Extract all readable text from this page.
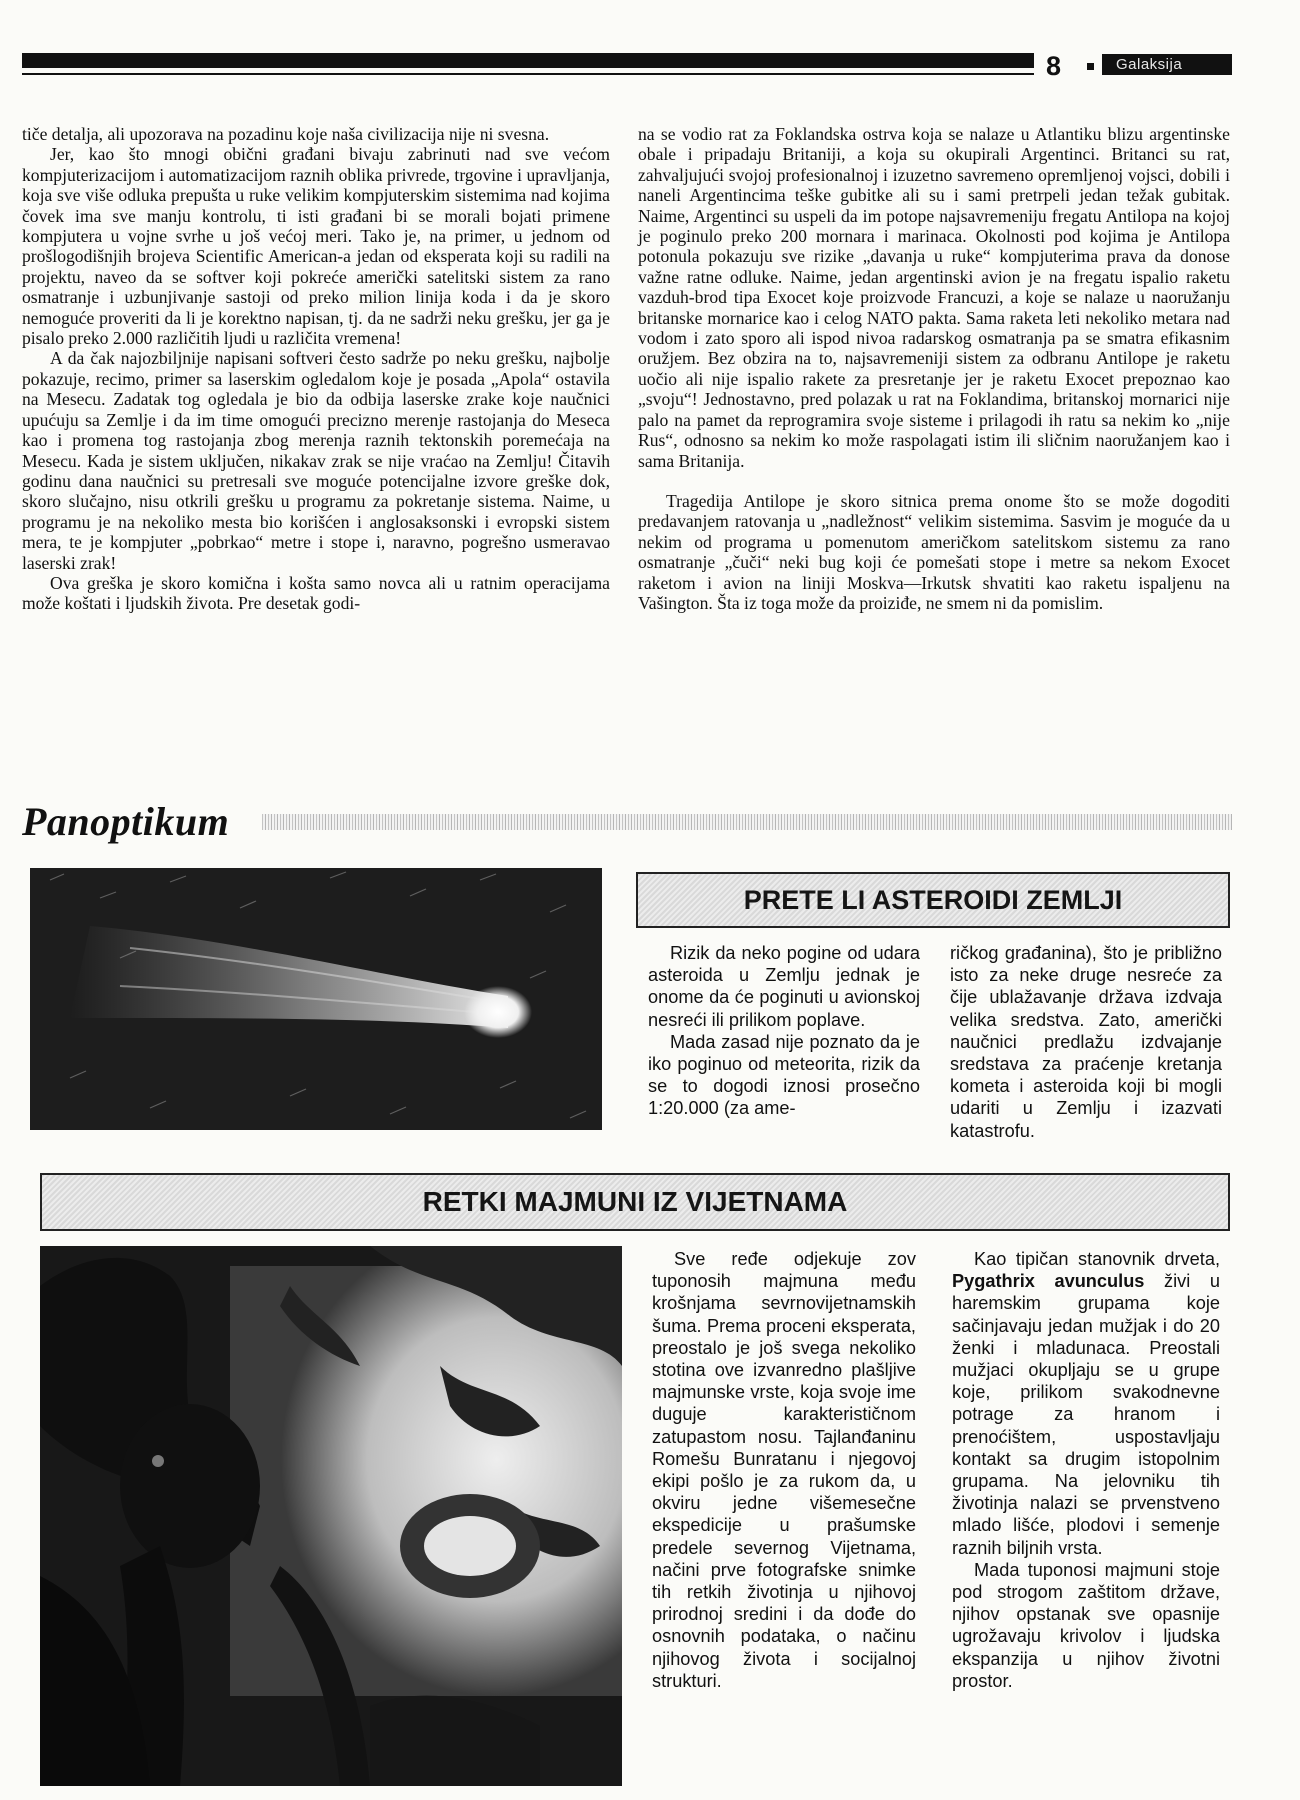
8	Galaksija

tiče detalja, ali upozorava na pozadinu koje naša civilizacija nije ni svesna.

Jer, kao što mnogi obični građani bivaju zabrinuti nad sve većom kompjuterizacijom i automatizacijom raznih oblika privrede, trgovine i upravljanja, koja sve više odluka prepušta u ruke velikim kompjuterskim sistemima nad kojima čovek ima sve manju kontrolu, ti isti građani bi se morali bojati primene kompjutera u vojne svrhe u još većoj meri. Tako je, na primer, u jednom od prošlogodišnjih brojeva Scientific American-a jedan od eksperata koji su radili na projektu, naveo da se softver koji pokreće američki satelitski sistem za rano osmatranje i uzbunjivanje sastoji od preko milion linija koda i da je skoro nemoguće proveriti da li je korektno napisan, tj. da ne sadrži neku grešku, jer ga je pisalo preko 2.000 različitih ljudi u različita vremena!

A da čak najozbiljnije napisani softveri često sadrže po neku grešku, najbolje pokazuje, recimo, primer sa laserskim ogledalom koje je posada „Apola“ ostavila na Mesecu. Zadatak tog ogledala je bio da odbija laserske zrake koje naučnici upućuju sa Zemlje i da im time omogući precizno merenje rastojanja do Meseca kao i promena tog rastojanja zbog merenja raznih tektonskih poremećaja na Mesecu. Kada je sistem uključen, nikakav zrak se nije vraćao na Zemlju! Čitavih godinu dana naučnici su pretresali sve moguće potencijalne izvore greške dok, skoro slučajno, nisu otkrili grešku u programu za pokretanje sistema. Naime, u programu je na nekoliko mesta bio korišćen i anglosaksonski i evropski sistem mera, te je kompjuter „pobrkao“ metre i stope i, naravno, pogrešno usmeravao laserski zrak!

Ova greška je skoro komična i košta samo novca ali u ratnim operacijama može koštati i ljudskih života. Pre desetak godi-

na se vodio rat za Foklandska ostrva koja se nalaze u Atlantiku blizu argentinske obale i pripadaju Britaniji, a koja su okupirali Argentinci. Britanci su rat, zahvaljujući svojoj profesionalnoj i izuzetno savremeno opremljenoj vojsci, dobili i naneli Argentincima teške gubitke ali su i sami pretrpeli jedan težak gubitak. Naime, Argentinci su uspeli da im potope najsavremeniju fregatu Antilopa na kojoj je poginulo preko 200 mornara i marinaca. Okolnosti pod kojima je Antilopa potonula pokazuju sve rizike „davanja u ruke“ kompjuterima prava da donose važne ratne odluke. Naime, jedan argentinski avion je na fregatu ispalio raketu vazduh-brod tipa Exocet koje proizvode Francuzi, a koje se nalaze u naoružanju britanske mornarice kao i celog NATO pakta. Sama raketa leti nekoliko metara nad vodom i zato sporo ali ispod nivoa radarskog osmatranja pa se smatra efikasnim oružjem. Bez obzira na to, najsavremeniji sistem za odbranu Antilope je raketu uočio ali nije ispalio rakete za presretanje jer je raketu Exocet prepoznao kao „svoju“! Jednostavno, pred polazak u rat na Foklandima, britanskoj mornarici nije palo na pamet da reprogramira svoje sisteme i prilagodi ih ratu sa nekim ko „nije Rus“, odnosno sa nekim ko može raspolagati istim ili sličnim naoružanjem kao i sama Britanija.

Tragedija Antilope je skoro sitnica prema onome što se može dogoditi predavanjem ratovanja u „nadležnost“ velikim sistemima. Sasvim je moguće da u nekim od programa u pomenutom američkom satelitskom sistemu za rano osmatranje „čuči“ neki bug koji će pomešati stope i metre sa nekom Exocet raketom i avion na liniji Moskva—Irkutsk shvatiti kao raketu ispaljenu na Vašington. Šta iz toga može da proiziđe, ne smem ni da pomislim.

Panoptikum
PRETE LI ASTEROIDI ZEMLJI

Rizik da neko pogine od udara asteroida u Zemlju jednak je onome da će poginuti u avionskoj nesreći ili prilikom poplave.

Mada zasad nije poznato da je iko poginuo od meteorita, rizik da se to dogodi iznosi prosečno 1:20.000 (za ame-

ričkog građanina), što je približno isto za neke druge nesreće za čije ublažavanje država izdvaja velika sredstva. Zato, američki naučnici predlažu izdvajanje sredstava za praćenje kretanja kometa i asteroida koji bi mogli udariti u Zemlju i izazvati katastrofu.

RETKI MAJMUNI IZ VIJETNAMA

Sve ređe odjekuje zov tuponosih majmuna među krošnjama sevrnovijetnamskih šuma. Prema proceni eksperata, preostalo je još svega nekoliko stotina ove izvanredno plašljive majmunske vrste, koja svoje ime duguje karakterističnom zatupastom nosu. Tajlanđaninu Romešu Bunratanu i njegovoj ekipi pošlo je za rukom da, u okviru jedne višemesečne ekspedicije u prašumske predele severnog Vijetnama, načini prve fotografske snimke tih retkih životinja u njihovoj prirodnoj sredini i da dođe do osnovnih podataka, o načinu njihovog života i socijalnoj strukturi.

Kao tipičan stanovnik drveta, Pygathrix avunculus živi u haremskim grupama koje sačinjavaju jedan mužjak i do 20 ženki i mladunaca. Preostali mužjaci okupljaju se u grupe koje, prilikom svakodnevne potrage za hranom i prenoćištem, uspostavljaju kontakt sa drugim istopolnim grupama. Na jelovniku tih životinja nalazi se prvenstveno mlado lišće, plodovi i semenje raznih biljnih vrsta.

Mada tuponosi majmuni stoje pod strogom zaštitom države, njihov opstanak sve opasnije ugrožavaju krivolov i ljudska ekspanzija u njihov životni prostor.
